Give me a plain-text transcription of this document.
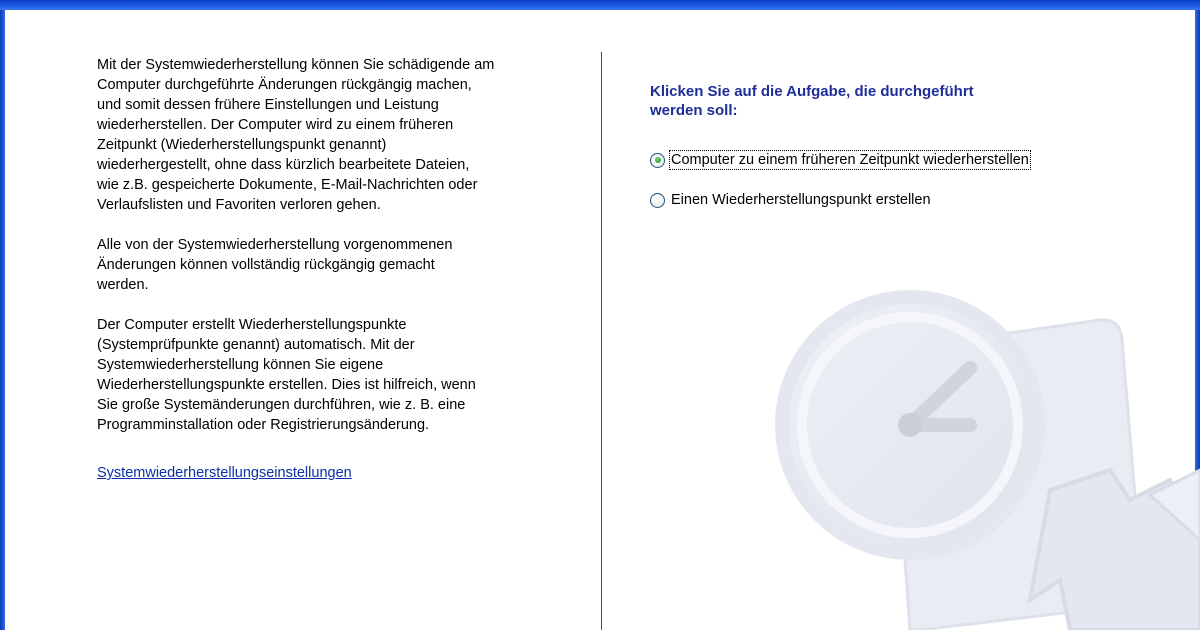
Mit der Systemwiederherstellung können Sie schädigende am
Computer durchgeführte Änderungen rückgängig machen,
und somit dessen frühere Einstellungen und Leistung
wiederherstellen. Der Computer wird zu einem früheren
Zeitpunkt (Wiederherstellungspunkt genannt)
wiederhergestellt, ohne dass kürzlich bearbeitete Dateien,
wie z.B. gespeicherte Dokumente, E-Mail-Nachrichten oder
Verlaufslisten und Favoriten verloren gehen.

Alle von der Systemwiederherstellung vorgenommenen
Änderungen können vollständig rückgängig gemacht
werden.

Der Computer erstellt Wiederherstellungspunkte
(Systemprüfpunkte genannt) automatisch. Mit der
Systemwiederherstellung können Sie eigene
Wiederherstellungspunkte erstellen. Dies ist hilfreich, wenn
Sie große Systemänderungen durchführen, wie z. B. eine
Programminstallation oder Registrierungsänderung.

Systemwiederherstellungseinstellungen
Klicken Sie auf die Aufgabe, die durchgeführt
werden soll:
Computer zu einem früheren Zeitpunkt wiederherstellen
Einen Wiederherstellungspunkt erstellen
